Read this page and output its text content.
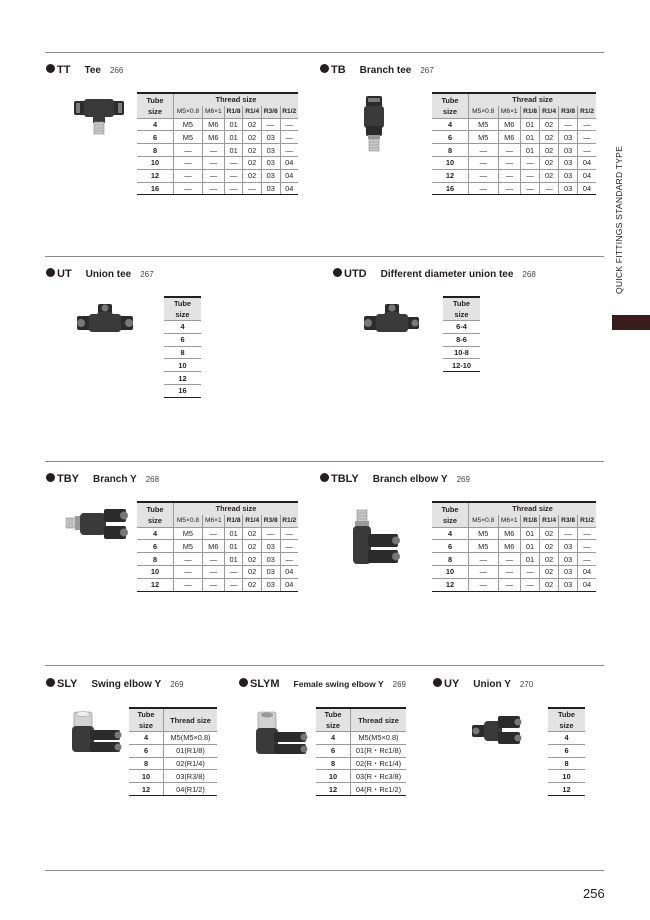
QUICK FITTINGS STANDARD TYPE
TT Tee 266
Tube
size	Thread size					
	M5×0.8	M6×1	R1/8	R1/4	R3/8	R1/2
4	M5	M6	01	02	—	—
6	M5	M6	01	02	03	—
8	—	—	01	02	03	—
10	—	—	—	02	03	04
12	—	—	—	02	03	04
16	—	—	—	—	03	04
TB Branch tee 267
Tube
size	Thread size					
	M5×0.8	M6×1	R1/8	R1/4	R3/8	R1/2
4	M5	M6	01	02	—	—
6	M5	M6	01	02	03	—
8	—	—	01	02	03	—
10	—	—	—	02	03	04
12	—	—	—	02	03	04
16	—	—	—	—	03	04
UT Union tee 267
Tube
size

4
6
8
10
12
16
UTD Different diameter union tee 268
Tube
size

6-4
8-6
10-8
12-10
TBY Branch Y 268
Tube
size	Thread size					
	M5×0.8	M6×1	R1/8	R1/4	R3/8	R1/2
4	M5	—	01	02	—	—
6	M5	M6	01	02	03	—
8	—	—	01	02	03	—
10	—	—	—	02	03	04
12	—	—	—	02	03	04
TBLY Branch elbow Y 269
Tube
size	Thread size					
	M5×0.8	M6×1	R1/8	R1/4	R3/8	R1/2
4	M5	M6	01	02	—	—
6	M5	M6	01	02	03	—
8	—	—	01	02	03	—
10	—	—	—	02	03	04
12	—	—	—	02	03	04
SLY Swing elbow Y 269
Tube
size	Thread size
4	M5(M5×0.8)
6	01(R1/8)
8	02(R1/4)
10	03(R3/8)
12	04(R1/2)
SLYM Female swing elbow Y 269
Tube
size	Thread size
4	M5(M5×0.8)
6	01(R・Rc1/8)
8	02(R・Rc1/4)
10	03(R・Rc3/8)
12	04(R・Rc1/2)
UY Union Y 270
Tube
size

4
6
8
10
12
256
